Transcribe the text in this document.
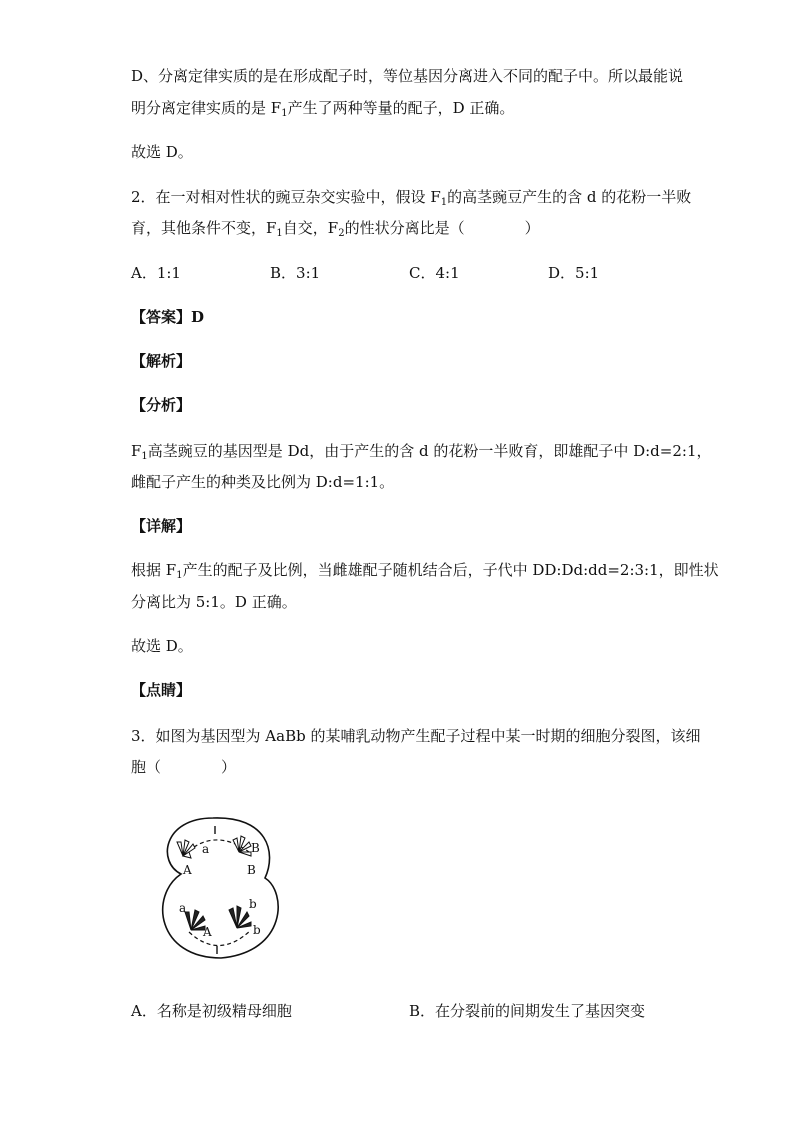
D、分离定律实质的是在形成配子时，等位基因分离进入不同的配子中。所以最能说
明分离定律实质的是 $F_1$产生了两种等量的配子，D 正确。
故选 D。
2．在一对相对性状的豌豆杂交实验中，假设 $F_1$的高茎豌豆产生的含 d 的花粉一半败
育，其他条件不变，$F_1$自交，$F_2$的性状分离比是（　　　　）
A．1:1	B．3:1	C．4:1	D．5:1
【答案】D
【解析】
【分析】
$F_1$高茎豌豆的基因型是 Dd，由于产生的含 d 的花粉一半败育，即雄配子中 D:d=2:1，
雌配子产生的种类及比例为 D:d=1:1。
【详解】
根据 $F_1$产生的配子及比例，当雌雄配子随机结合后，子代中 DD:Dd:dd=2:3:1，即性状
分离比为 5:1。D 正确。
故选 D。
【点睛】
3．如图为基因型为 AaBb 的某哺乳动物产生配子过程中某一时期的细胞分裂图，该细
胞（　　　　）
a
A
B
B
a
A
b
b
A．名称是初级精母细胞	B．在分裂前的间期发生了基因突变
